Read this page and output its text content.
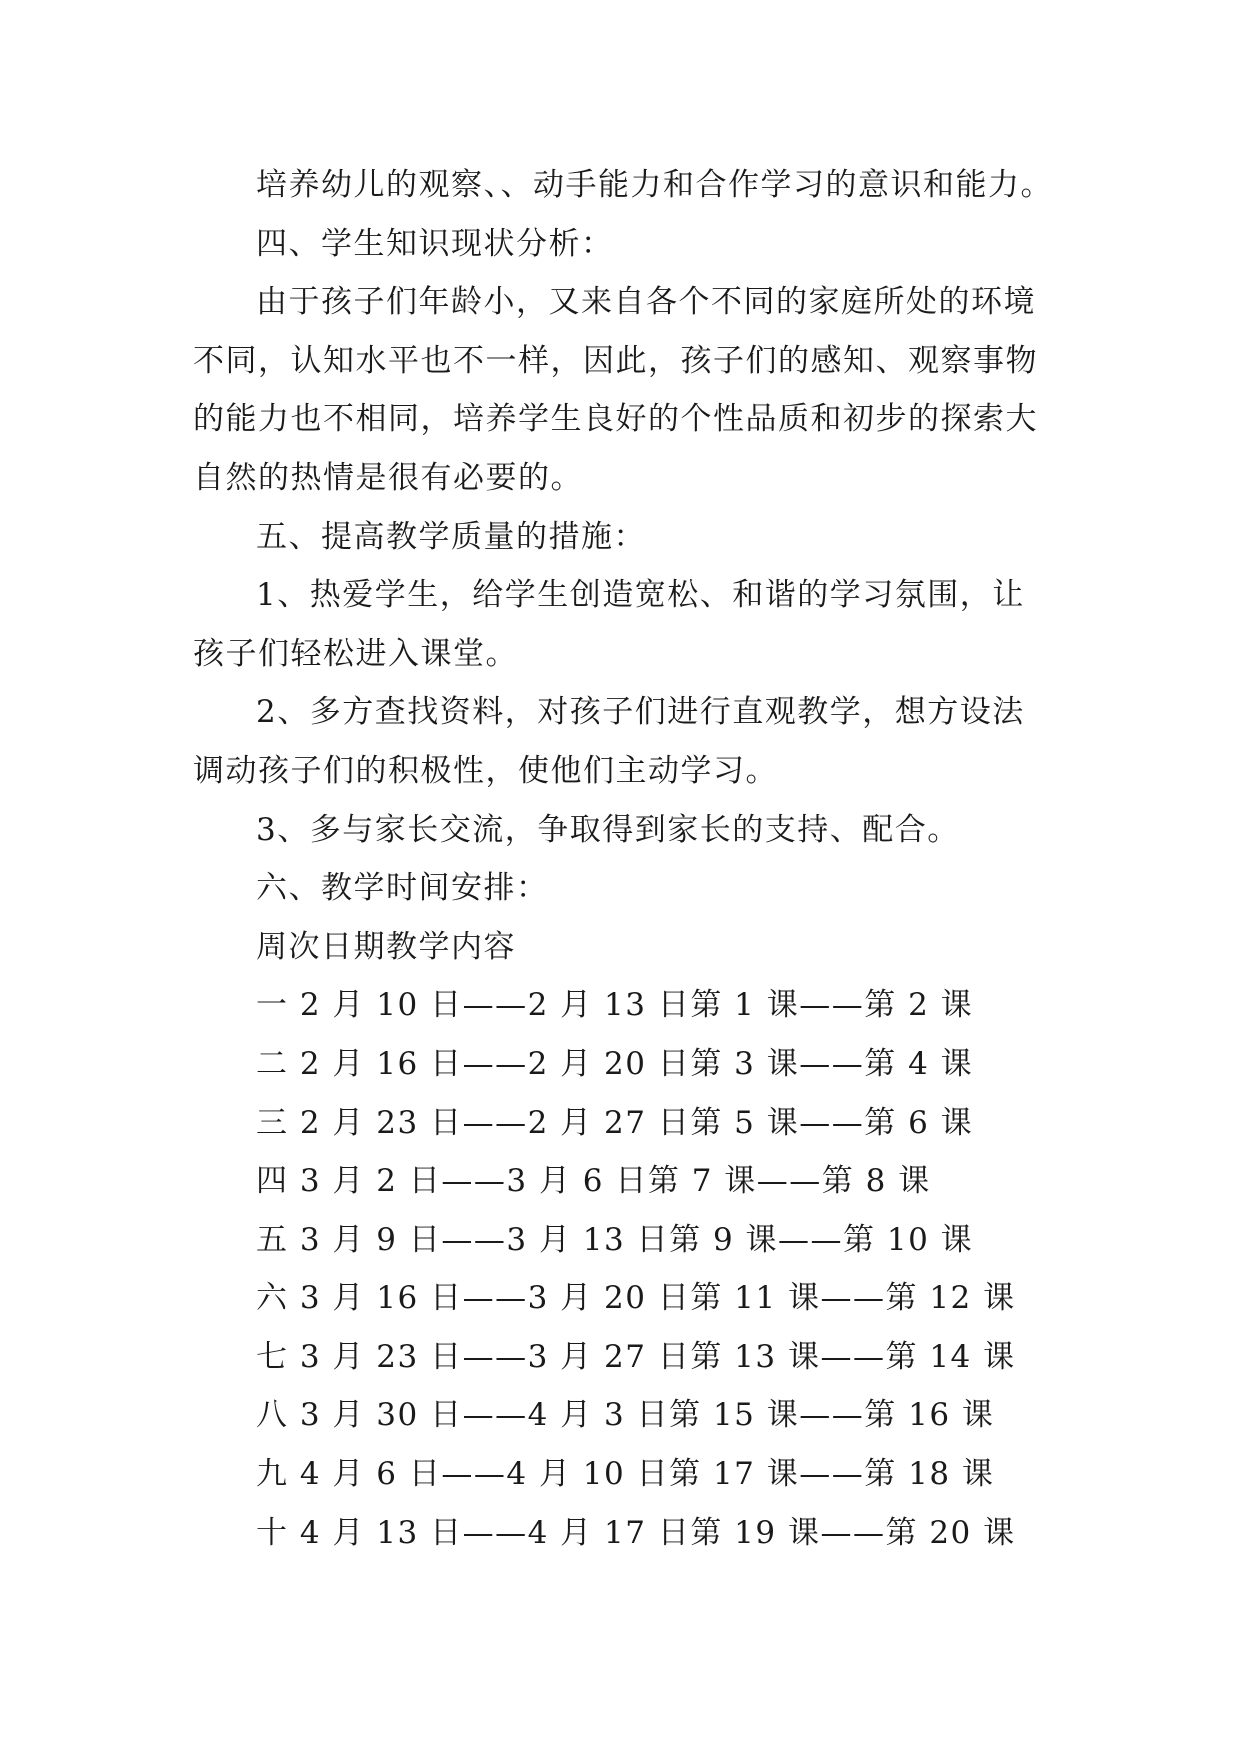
培养幼儿的观察、、动手能力和合作学习的意识和能力。

四、学生知识现状分析：

由于孩子们年龄小，又来自各个不同的家庭所处的环境

不同，认知水平也不一样，因此，孩子们的感知、观察事物

的能力也不相同，培养学生良好的个性品质和初步的探索大

自然的热情是很有必要的。

五、提高教学质量的措施：

1、热爱学生，给学生创造宽松、和谐的学习氛围，让

孩子们轻松进入课堂。

2、多方查找资料，对孩子们进行直观教学，想方设法

调动孩子们的积极性，使他们主动学习。

3、多与家长交流，争取得到家长的支持、配合。

六、教学时间安排：

周次日期教学内容

一 2 月 10 日——2 月 13 日第 1 课——第 2 课

二 2 月 16 日——2 月 20 日第 3 课——第 4 课

三 2 月 23 日——2 月 27 日第 5 课——第 6 课

四 3 月 2 日——3 月 6 日第 7 课——第 8 课

五 3 月 9 日——3 月 13 日第 9 课——第 10 课

六 3 月 16 日——3 月 20 日第 11 课——第 12 课

七 3 月 23 日——3 月 27 日第 13 课——第 14 课

八 3 月 30 日——4 月 3 日第 15 课——第 16 课

九 4 月 6 日——4 月 10 日第 17 课——第 18 课

十 4 月 13 日——4 月 17 日第 19 课——第 20 课
